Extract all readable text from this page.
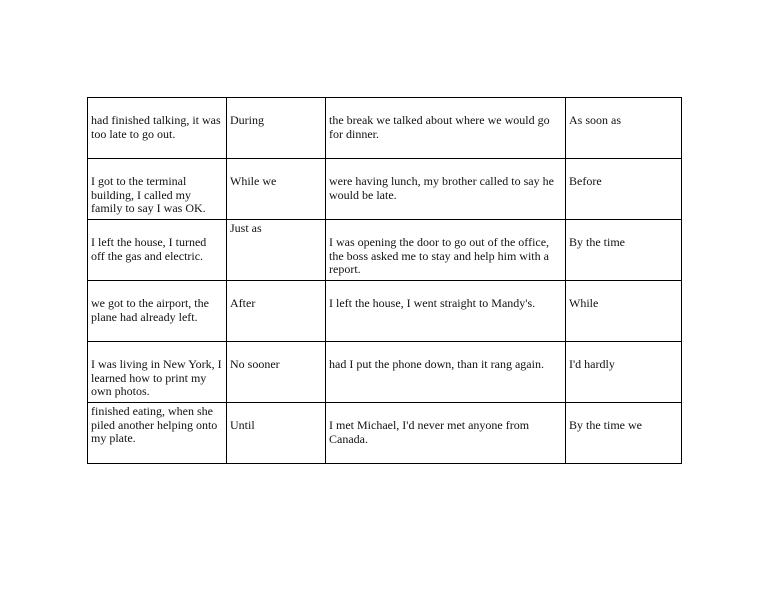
had finished talking, it was too late to go out.	During	the break we talked about where we would go for dinner.	As soon as

I got to the terminal building, I called my family to say I was OK.	While we	were having lunch, my brother called to say he would be late.	Before

I left the house, I turned off the gas and electric.	Just as	I was opening the door to go out of the office, the boss asked me to stay and help him with a report.	By the time

we got to the airport, the plane had already left.	After	I left the house, I went straight to Mandy's.	While

I was living in New York, I learned how to print my own photos.	No sooner	had I put the phone down, than it rang again.	I'd hardly

finished eating, when she piled another helping onto my plate.	Until	I met Michael, I'd never met anyone from Canada.	By the time we
